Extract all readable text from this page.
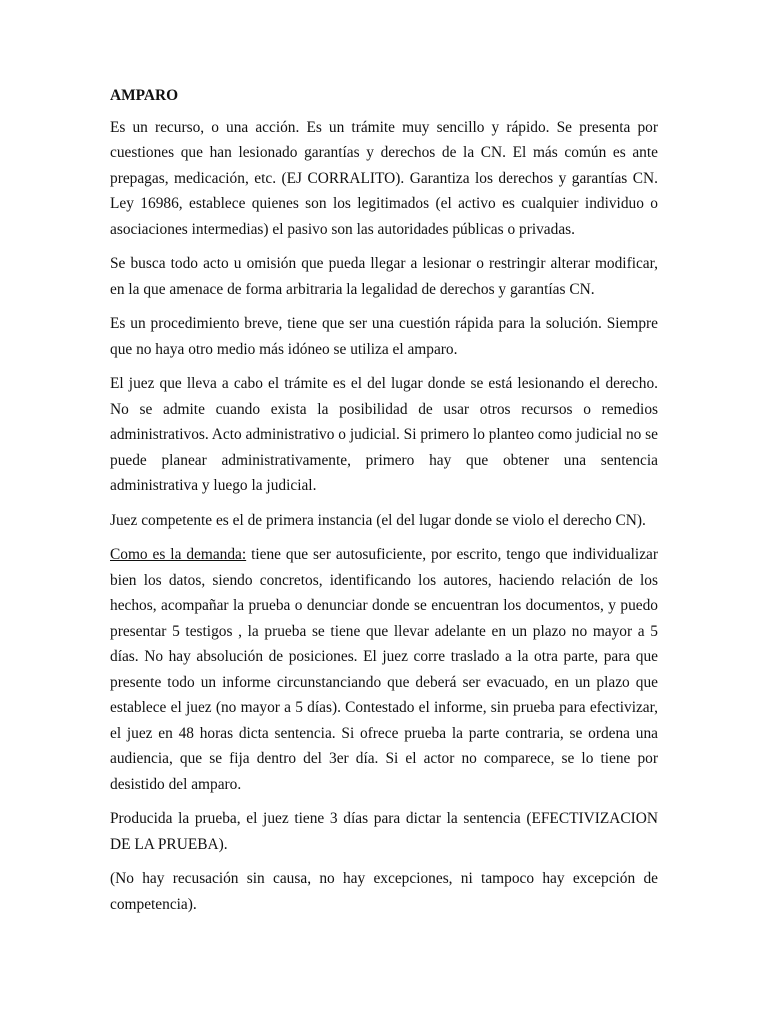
AMPARO

Es un recurso, o una acción. Es un trámite muy sencillo y rápido. Se presenta por cuestiones que han lesionado garantías y derechos de la CN. El más común es ante prepagas, medicación, etc. (EJ CORRALITO). Garantiza los derechos y garantías CN. Ley 16986, establece quienes son los legitimados (el activo es cualquier individuo o asociaciones intermedias) el pasivo son las autoridades públicas o privadas.

Se busca todo acto u omisión que pueda llegar a lesionar o restringir alterar modificar, en la que amenace de forma arbitraria la legalidad de derechos y garantías CN.

Es un procedimiento breve, tiene que ser una cuestión rápida para la solución. Siempre que no haya otro medio más idóneo se utiliza el amparo.

El juez que lleva a cabo el trámite es el del lugar donde se está lesionando el derecho. No se admite cuando exista la posibilidad de usar otros recursos o remedios administrativos. Acto administrativo o judicial. Si primero lo planteo como judicial no se puede planear administrativamente, primero hay que obtener una sentencia administrativa y luego la judicial.

Juez competente es el de primera instancia (el del lugar donde se violo el derecho CN).

Como es la demanda: tiene que ser autosuficiente, por escrito, tengo que individualizar bien los datos, siendo concretos, identificando los autores, haciendo relación de los hechos, acompañar la prueba o denunciar donde se encuentran los documentos, y puedo presentar 5 testigos , la prueba se tiene que llevar adelante en un plazo no mayor a 5 días. No hay absolución de posiciones. El juez corre traslado a la otra parte, para que presente todo un informe circunstanciando que deberá ser evacuado, en un plazo que establece el juez (no mayor a 5 días). Contestado el informe, sin prueba para efectivizar, el juez en 48 horas dicta sentencia. Si ofrece prueba la parte contraria, se ordena una audiencia, que se fija dentro del 3er día. Si el actor no comparece, se lo tiene por desistido del amparo.

Producida la prueba, el juez tiene 3 días para dictar la sentencia (EFECTIVIZACION DE LA PRUEBA).

(No hay recusación sin causa, no hay excepciones, ni tampoco hay excepción de competencia).
